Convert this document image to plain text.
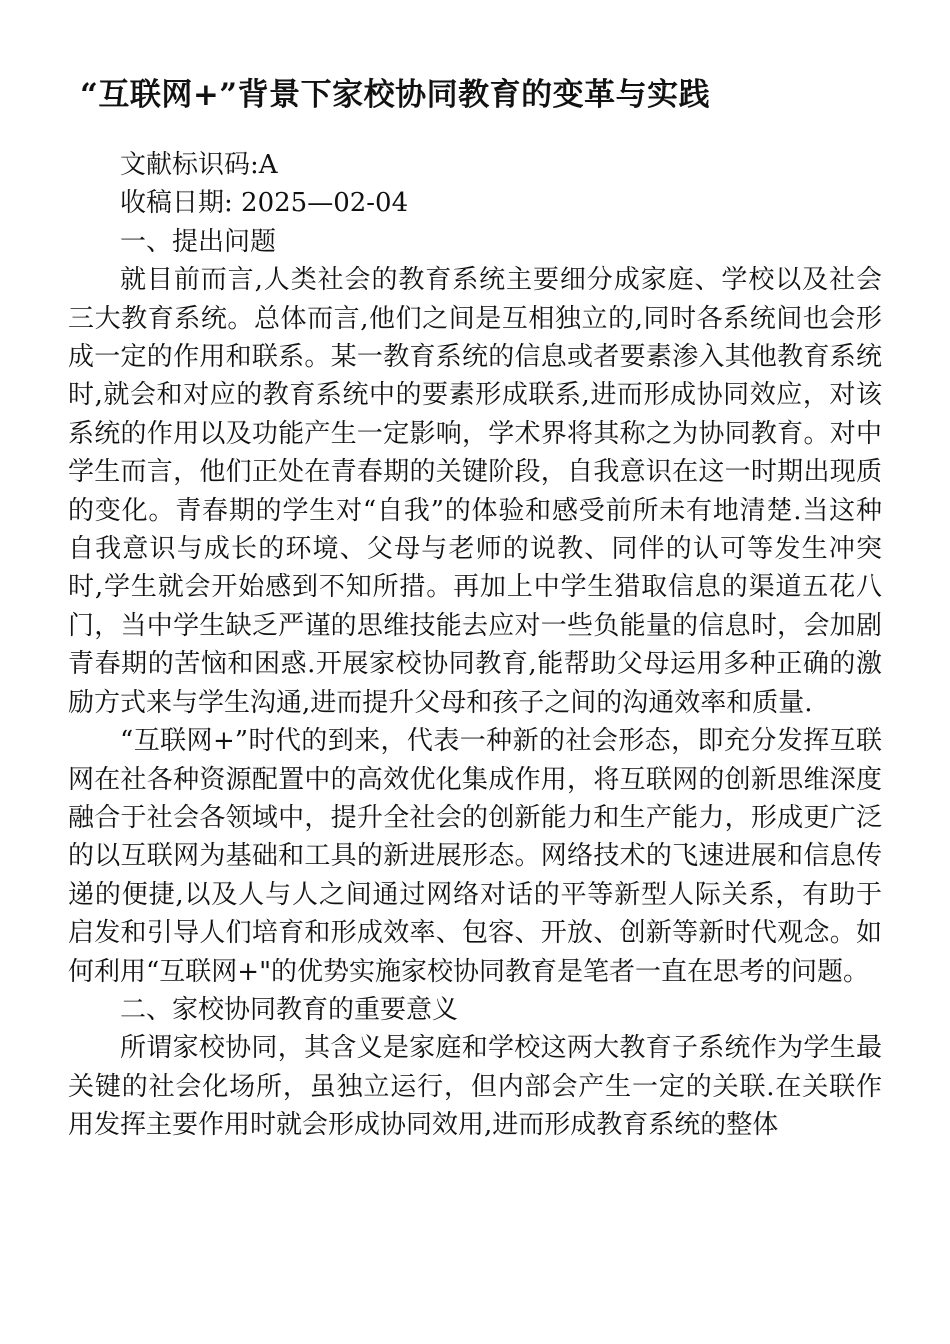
“互联网+”背景下家校协同教育的变革与实践

文献标识码:A

收稿日期: 2025—02-04

一、提出问题

就目前而言,人类社会的教育系统主要细分成家庭、学校以及社会三大教育系统。总体而言,他们之间是互相独立的,同时各系统间也会形成一定的作用和联系。某一教育系统的信息或者要素渗入其他教育系统时,就会和对应的教育系统中的要素形成联系,进而形成协同效应，对该系统的作用以及功能产生一定影响，学术界将其称之为协同教育。对中学生而言，他们正处在青春期的关键阶段，自我意识在这一时期出现质的变化。青春期的学生对“自我”的体验和感受前所未有地清楚.当这种自我意识与成长的环境、父母与老师的说教、同伴的认可等发生冲突时,学生就会开始感到不知所措。再加上中学生猎取信息的渠道五花八门，当中学生缺乏严谨的思维技能去应对一些负能量的信息时，会加剧青春期的苦恼和困惑.开展家校协同教育,能帮助父母运用多种正确的激励方式来与学生沟通,进而提升父母和孩子之间的沟通效率和质量.

“互联网+”时代的到来，代表一种新的社会形态，即充分发挥互联网在社各种资源配置中的高效优化集成作用，将互联网的创新思维深度融合于社会各领域中，提升全社会的创新能力和生产能力，形成更广泛的以互联网为基础和工具的新进展形态。网络技术的飞速进展和信息传递的便捷,以及人与人之间通过网络对话的平等新型人际关系，有助于启发和引导人们培育和形成效率、包容、开放、创新等新时代观念。如何利用“互联网+"的优势实施家校协同教育是笔者一直在思考的问题。

二、家校协同教育的重要意义

所谓家校协同，其含义是家庭和学校这两大教育子系统作为学生最关键的社会化场所，虽独立运行，但内部会产生一定的关联.在关联作用发挥主要作用时就会形成协同效用,进而形成教育系统的整体
